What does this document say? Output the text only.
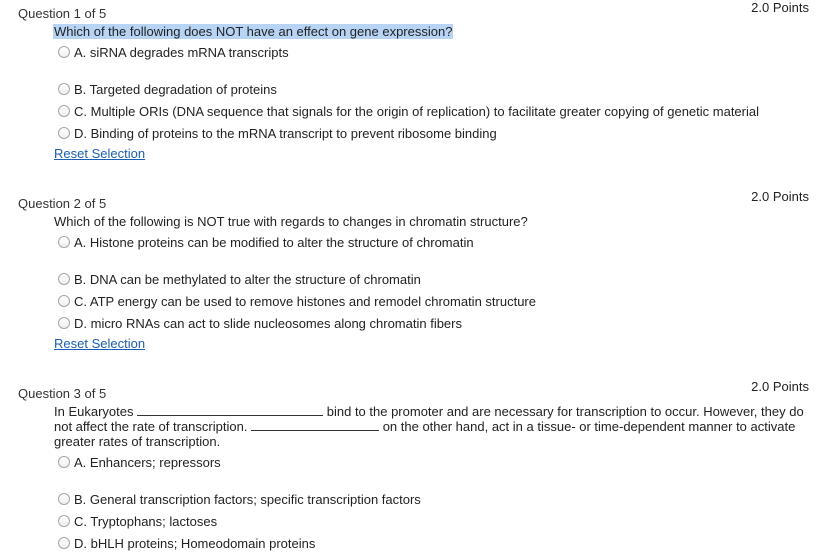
Question 1 of 5	2.0 Points
Which of the following does NOT have an effect on gene expression?
A. siRNA degrades mRNA transcripts
B. Targeted degradation of proteins
C. Multiple ORIs (DNA sequence that signals for the origin of replication) to facilitate greater copying of genetic material
D. Binding of proteins to the mRNA transcript to prevent ribosome binding
Reset Selection
Question 2 of 5	2.0 Points
Which of the following is NOT true with regards to changes in chromatin structure?
A. Histone proteins can be modified to alter the structure of chromatin
B. DNA can be methylated to alter the structure of chromatin
C. ATP energy can be used to remove histones and remodel chromatin structure
D. micro RNAs can act to slide nucleosomes along chromatin fibers
Reset Selection
Question 3 of 5	2.0 Points
In Eukaryotes	bind to the promoter and are necessary for transcription to occur. However, they do
not affect the rate of transcription.	on the other hand, act in a tissue- or time-dependent manner to activate
greater rates of transcription.
A. Enhancers; repressors
B. General transcription factors; specific transcription factors
C. Tryptophans; lactoses
D. bHLH proteins; Homeodomain proteins
